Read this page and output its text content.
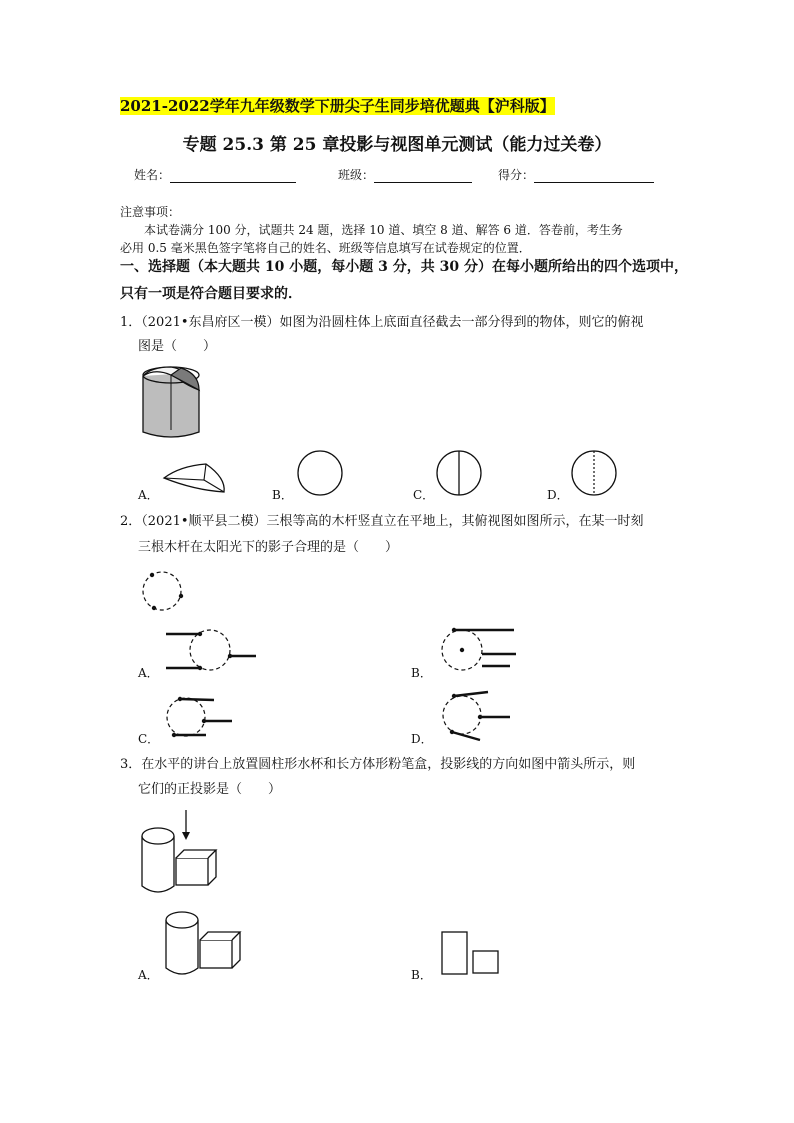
2021-2022学年九年级数学下册尖子生同步培优题典【沪科版】
专题 25.3 第 25 章投影与视图单元测试（能力过关卷）
姓名：	班级：	得分：
注意事项：
本试卷满分 100 分，试题共 24 题，选择 10 道、填空 8 道、解答 6 道．答卷前，考生务
必用 0.5 毫米黑色签字笔将自己的姓名、班级等信息填写在试卷规定的位置．
一、选择题（本大题共 10 小题，每小题 3 分，共 30 分）在每小题所给出的四个选项中，
只有一项是符合题目要求的．
1．（2021•东昌府区一模）如图为沿圆柱体上底面直径截去一部分得到的物体，则它的俯视
图是（　　）
A．	B．	C．	D．
2．（2021•顺平县二模）三根等高的木杆竖直立在平地上，其俯视图如图所示，在某一时刻
三根木杆在太阳光下的影子合理的是（　　）
A．	B．
C．	D．
3．在水平的讲台上放置圆柱形水杯和长方体形粉笔盒，投影线的方向如图中箭头所示，则
它们的正投影是（　　）
A．	B．
